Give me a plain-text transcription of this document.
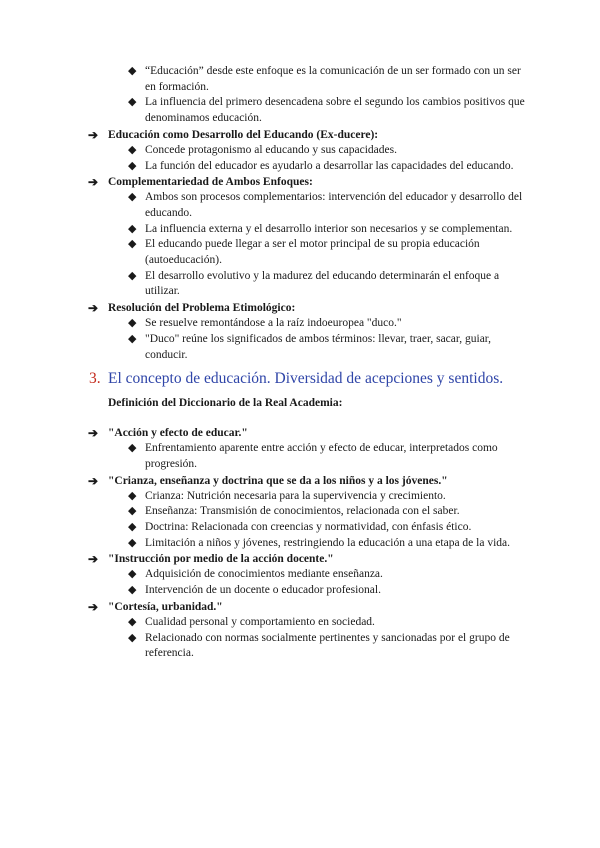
◆ “Educación” desde este enfoque es la comunicación de un ser formado con un ser en formación.
◆ La influencia del primero desencadena sobre el segundo los cambios positivos que denominamos educación.
➔ Educación como Desarrollo del Educando (Ex-ducere):
◆ Concede protagonismo al educando y sus capacidades.
◆ La función del educador es ayudarlo a desarrollar las capacidades del educando.
➔ Complementariedad de Ambos Enfoques:
◆ Ambos son procesos complementarios: intervención del educador y desarrollo del educando.
◆ La influencia externa y el desarrollo interior son necesarios y se complementan.
◆ El educando puede llegar a ser el motor principal de su propia educación (autoeducación).
◆ El desarrollo evolutivo y la madurez del educando determinarán el enfoque a utilizar.
➔ Resolución del Problema Etimológico:
◆ Se resuelve remontándose a la raíz indoeuropea "duco."
◆ "Duco" reúne los significados de ambos términos: llevar, traer, sacar, guiar, conducir.
3. El concepto de educación. Diversidad de acepciones y sentidos.
Definición del Diccionario de la Real Academia:
➔ "Acción y efecto de educar."
◆ Enfrentamiento aparente entre acción y efecto de educar, interpretados como progresión.
➔ "Crianza, enseñanza y doctrina que se da a los niños y a los jóvenes."
◆ Crianza: Nutrición necesaria para la supervivencia y crecimiento.
◆ Enseñanza: Transmisión de conocimientos, relacionada con el saber.
◆ Doctrina: Relacionada con creencias y normatividad, con énfasis ético.
◆ Limitación a niños y jóvenes, restringiendo la educación a una etapa de la vida.
➔ "Instrucción por medio de la acción docente."
◆ Adquisición de conocimientos mediante enseñanza.
◆ Intervención de un docente o educador profesional.
➔ "Cortesía, urbanidad."
◆ Cualidad personal y comportamiento en sociedad.
◆ Relacionado con normas socialmente pertinentes y sancionadas por el grupo de referencia.
